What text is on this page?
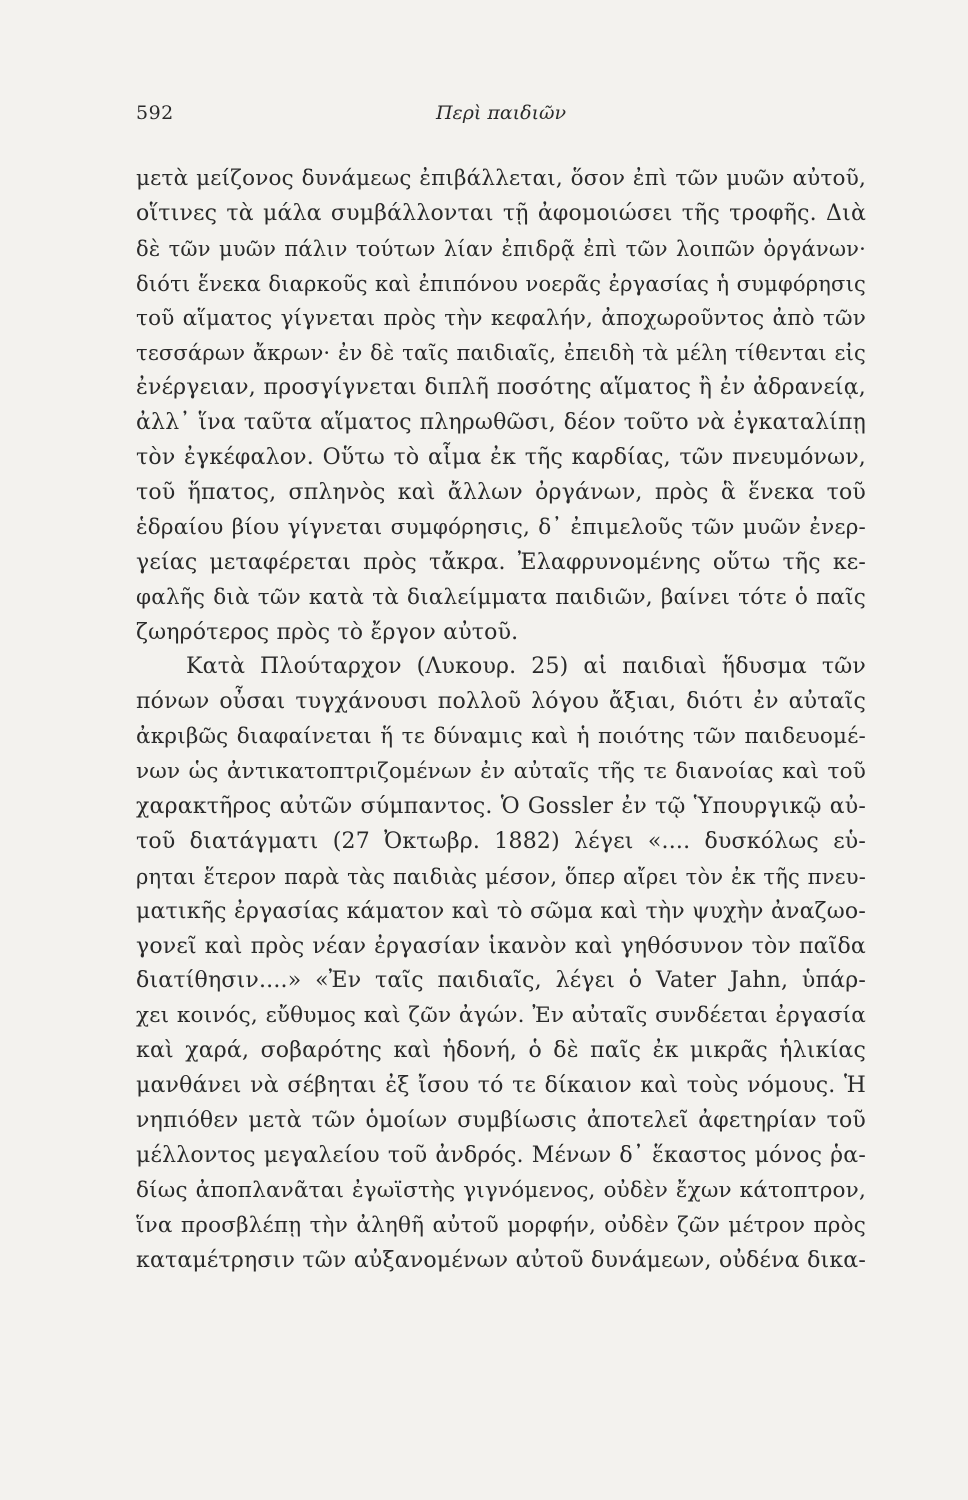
592	Περὶ παιδιῶν
μετὰ μείζονος δυνάμεως ἐπιβάλλεται, ὅσον ἐπὶ τῶν μυῶν αὐτοῦ,
οἵτινες τὰ μάλα συμβάλλονται τῇ ἀφομοιώσει τῆς τροφῆς. Διὰ
δὲ τῶν μυῶν πάλιν τούτων λίαν ἐπιδρᾷ ἐπὶ τῶν λοιπῶν ὀργάνων·
διότι ἕνεκα διαρκοῦς καὶ ἐπιπόνου νοερᾶς ἐργασίας ἡ συμφόρησις
τοῦ αἵματος γίγνεται πρὸς τὴν κεφαλήν, ἀποχωροῦντος ἀπὸ τῶν
τεσσάρων ἄκρων· ἐν δὲ ταῖς παιδιαῖς, ἐπειδὴ τὰ μέλη τίθενται εἰς
ἐνέργειαν, προσγίγνεται διπλῆ ποσότης αἵματος ἢ ἐν ἀδρανείᾳ,
ἀλλ᾽ ἵνα ταῦτα αἵματος πληρωθῶσι, δέον τοῦτο νὰ ἐγκαταλίπῃ
τὸν ἐγκέφαλον. Οὕτω τὸ αἷμα ἐκ τῆς καρδίας, τῶν πνευμόνων,
τοῦ ἥπατος, σπληνὸς καὶ ἄλλων ὀργάνων, πρὸς ἃ ἕνεκα τοῦ
ἑδραίου βίου γίγνεται συμφόρησις, δ᾽ ἐπιμελοῦς τῶν μυῶν ἐνερ-
γείας μεταφέρεται πρὸς τἄκρα. Ἐλαφρυνομένης οὕτω τῆς κε-
φαλῆς διὰ τῶν κατὰ τὰ διαλείμματα παιδιῶν, βαίνει τότε ὁ παῖς
ζωηρότερος πρὸς τὸ ἔργον αὐτοῦ.
Κατὰ Πλούταρχον (Λυκουρ. 25) αἱ παιδιαὶ ἥδυσμα τῶν
πόνων οὖσαι τυγχάνουσι πολλοῦ λόγου ἄξιαι, διότι ἐν αὐταῖς
ἀκριβῶς διαφαίνεται ἥ τε δύναμις καὶ ἡ ποιότης τῶν παιδευομέ-
νων ὡς ἀντικατοπτριζομένων ἐν αὐταῖς τῆς τε διανοίας καὶ τοῦ
χαρακτῆρος αὐτῶν σύμπαντος. Ὁ Gossler ἐν τῷ Ὑπουργικῷ αὐ-
τοῦ διατάγματι (27 Ὀκτωβρ. 1882) λέγει «.... δυσκόλως εὑ-
ρηται ἕτερον παρὰ τὰς παιδιὰς μέσον, ὅπερ αἴρει τὸν ἐκ τῆς πνευ-
ματικῆς ἐργασίας κάματον καὶ τὸ σῶμα καὶ τὴν ψυχὴν ἀναζωο-
γονεῖ καὶ πρὸς νέαν ἐργασίαν ἱκανὸν καὶ γηθόσυνον τὸν παῖδα
διατίθησιν....» «Ἐν ταῖς παιδιαῖς, λέγει ὁ Vater Jahn, ὑπάρ-
χει κοινός, εὔθυμος καὶ ζῶν ἀγών. Ἐν αὐταῖς συνδέεται ἐργασία
καὶ χαρά, σοβαρότης καὶ ἡδονή, ὁ δὲ παῖς ἐκ μικρᾶς ἡλικίας
μανθάνει νὰ σέβηται ἐξ ἴσου τό τε δίκαιον καὶ τοὺς νόμους. Ἡ
νηπιόθεν μετὰ τῶν ὁμοίων συμβίωσις ἀποτελεῖ ἀφετηρίαν τοῦ
μέλλοντος μεγαλείου τοῦ ἀνδρός. Μένων δ᾽ ἕκαστος μόνος ῥα-
δίως ἀποπλανᾶται ἐγωϊστὴς γιγνόμενος, οὐδὲν ἔχων κάτοπτρον,
ἵνα προσβλέπῃ τὴν ἀληθῆ αὐτοῦ μορφήν, οὐδὲν ζῶν μέτρον πρὸς
καταμέτρησιν τῶν αὐξανομένων αὐτοῦ δυνάμεων, οὐδένα δικα-
